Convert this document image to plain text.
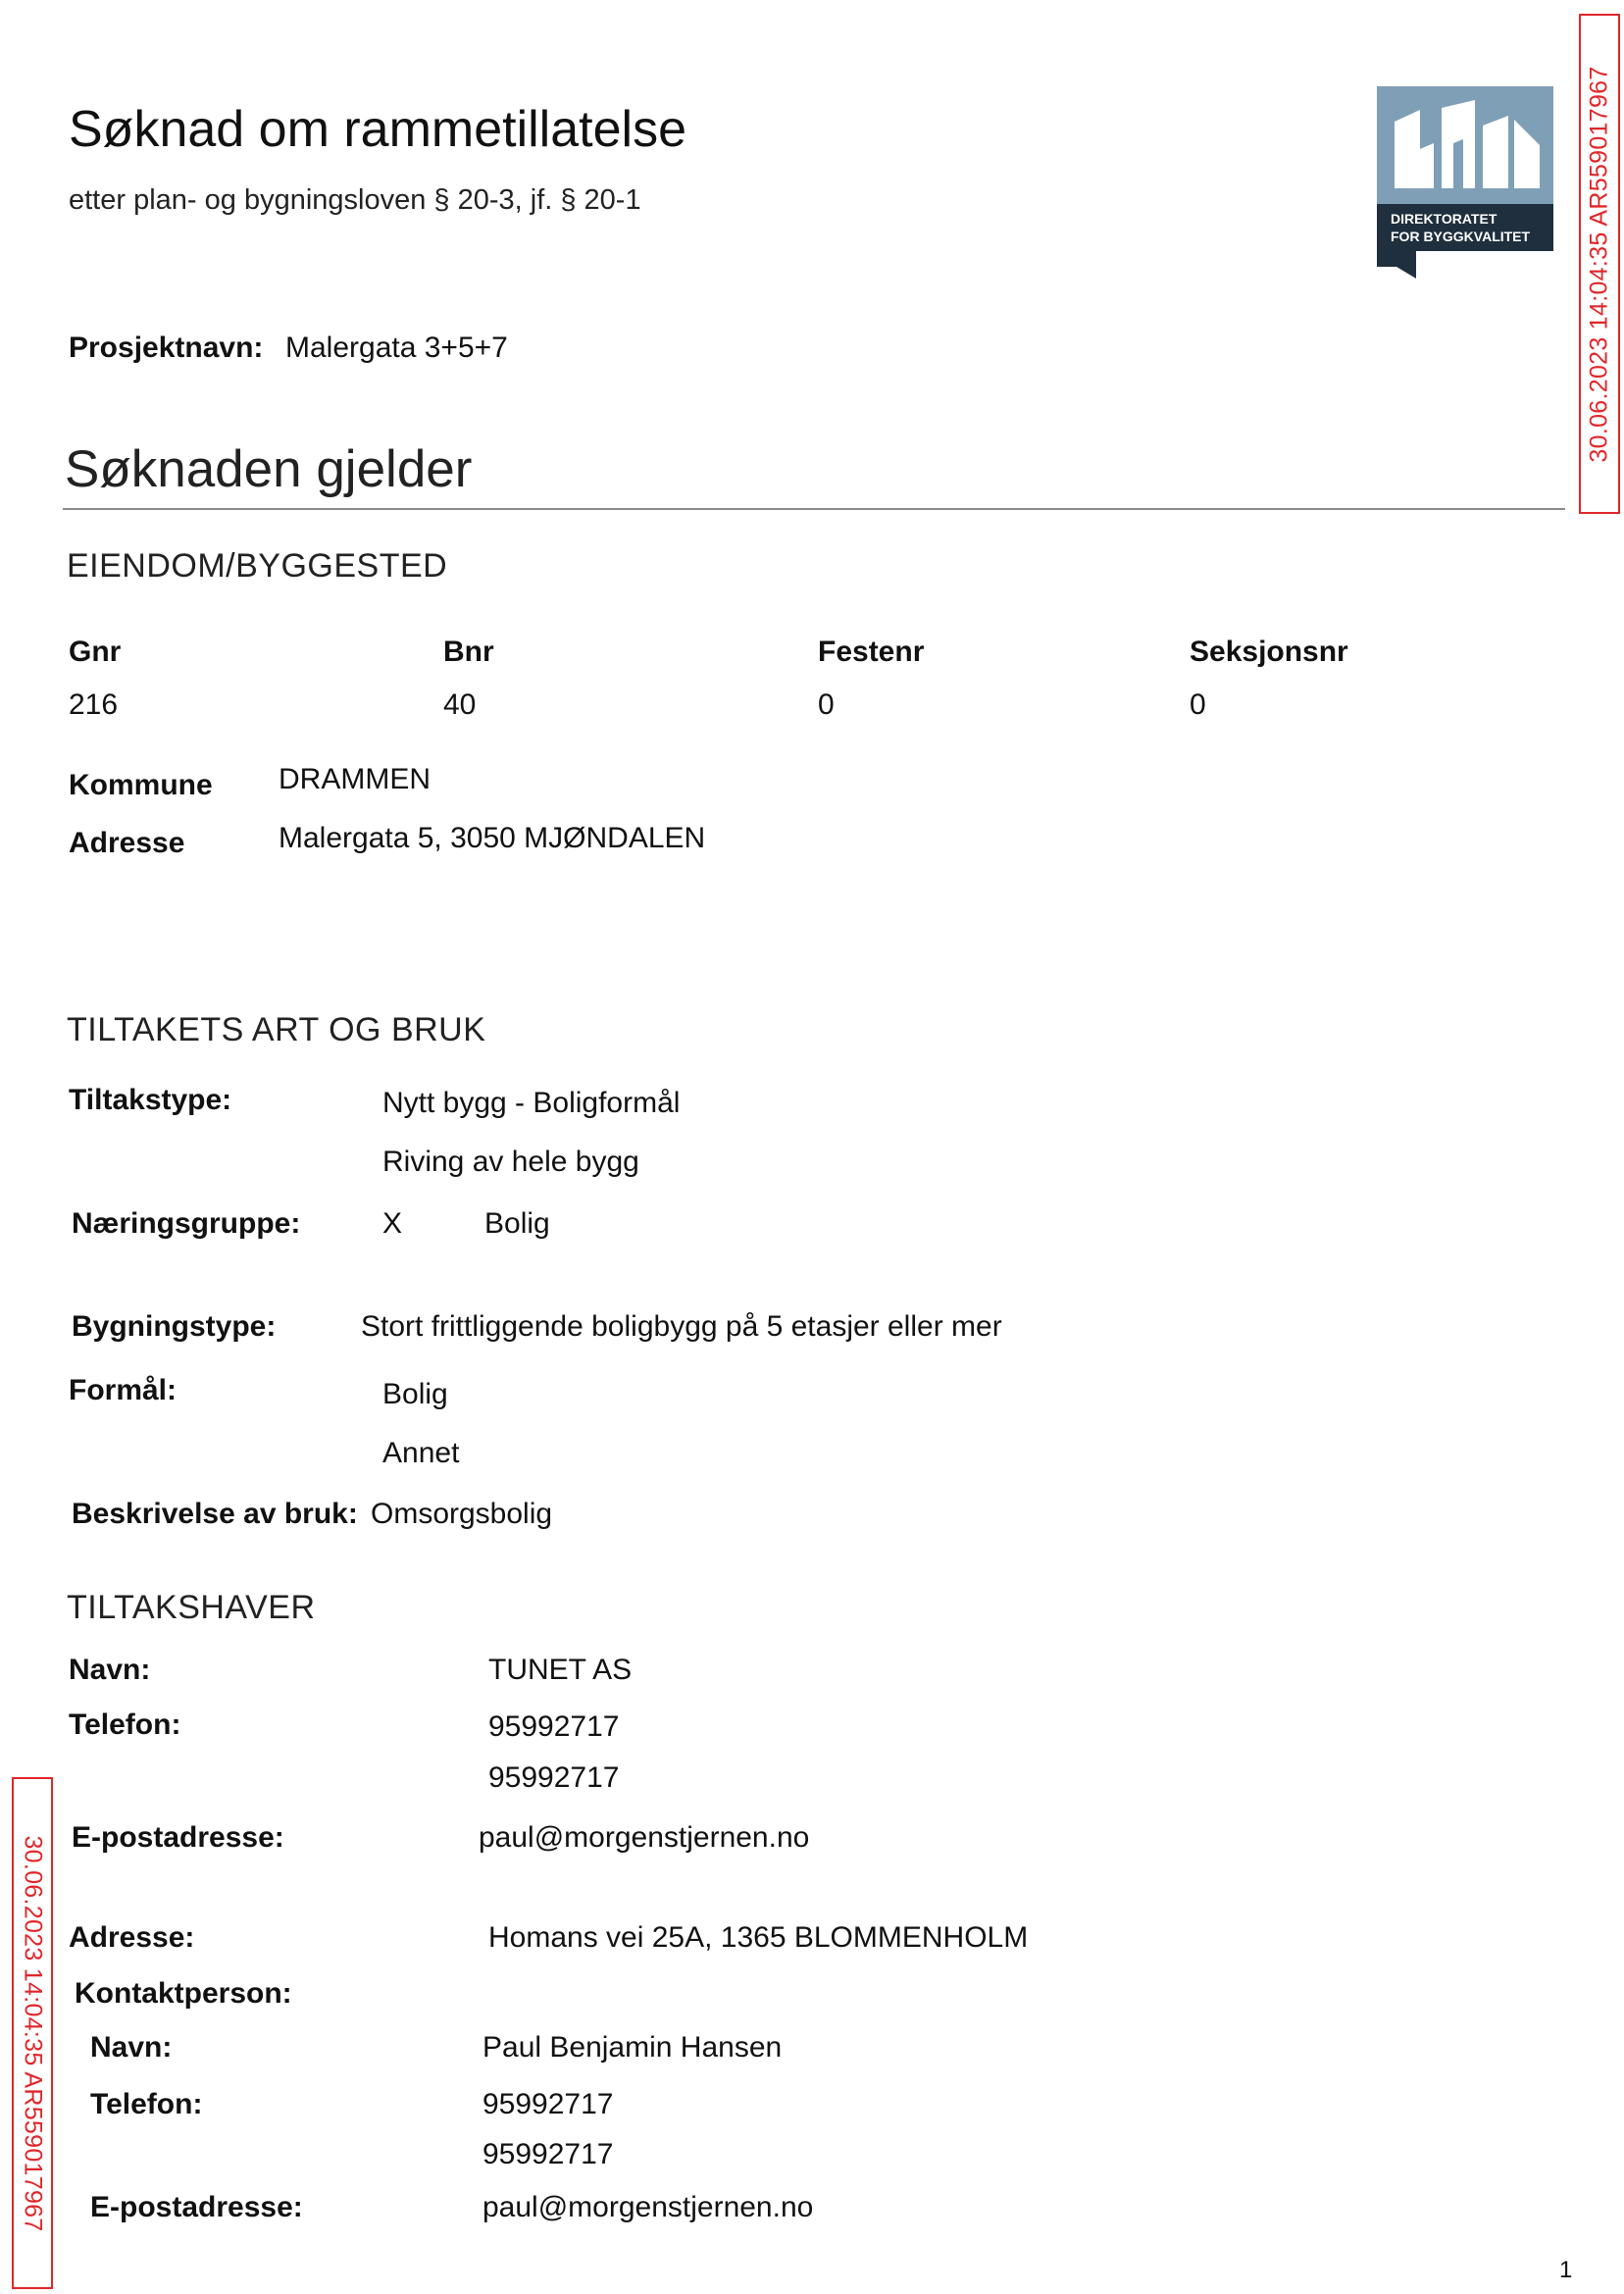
Søknad om rammetillatelse
etter plan- og bygningsloven § 20-3, jf. § 20-1
DIREKTORATET
FOR BYGGKVALITET 30.06.2023 14:04:35 AR559017967
30.06.2023 14:04:35 AR559017967
Prosjektnavn: Malergata 3+5+7
Søknaden gjelder
EIENDOM/BYGGESTED
Gnr
216
Bnr
40
Festenr
0
Seksjonsnr
0
Kommune DRAMMEN
Adresse	Malergata 5, 3050 MJØNDALEN
TILTAKETS ART OG BRUK
Tiltakstype:	Nytt bygg - Boligformål
Riving av hele bygg
Næringsgruppe:	X	Bolig
Bygningstype:	Stort frittliggende boligbygg på 5 etasjer eller mer
Formål:	Bolig
Annet
Beskrivelse av bruk: Omsorgsbolig
TILTAKSHAVER
Navn:	TUNET AS
Telefon:	95992717
95992717
E-postadresse:	paul@morgenstjernen.no
Adresse:	Homans vei 25A, 1365 BLOMMENHOLM
Kontaktperson:
Navn:	Paul Benjamin Hansen
Telefon:	95992717
95992717
E-postadresse:	paul@morgenstjernen.no
1
